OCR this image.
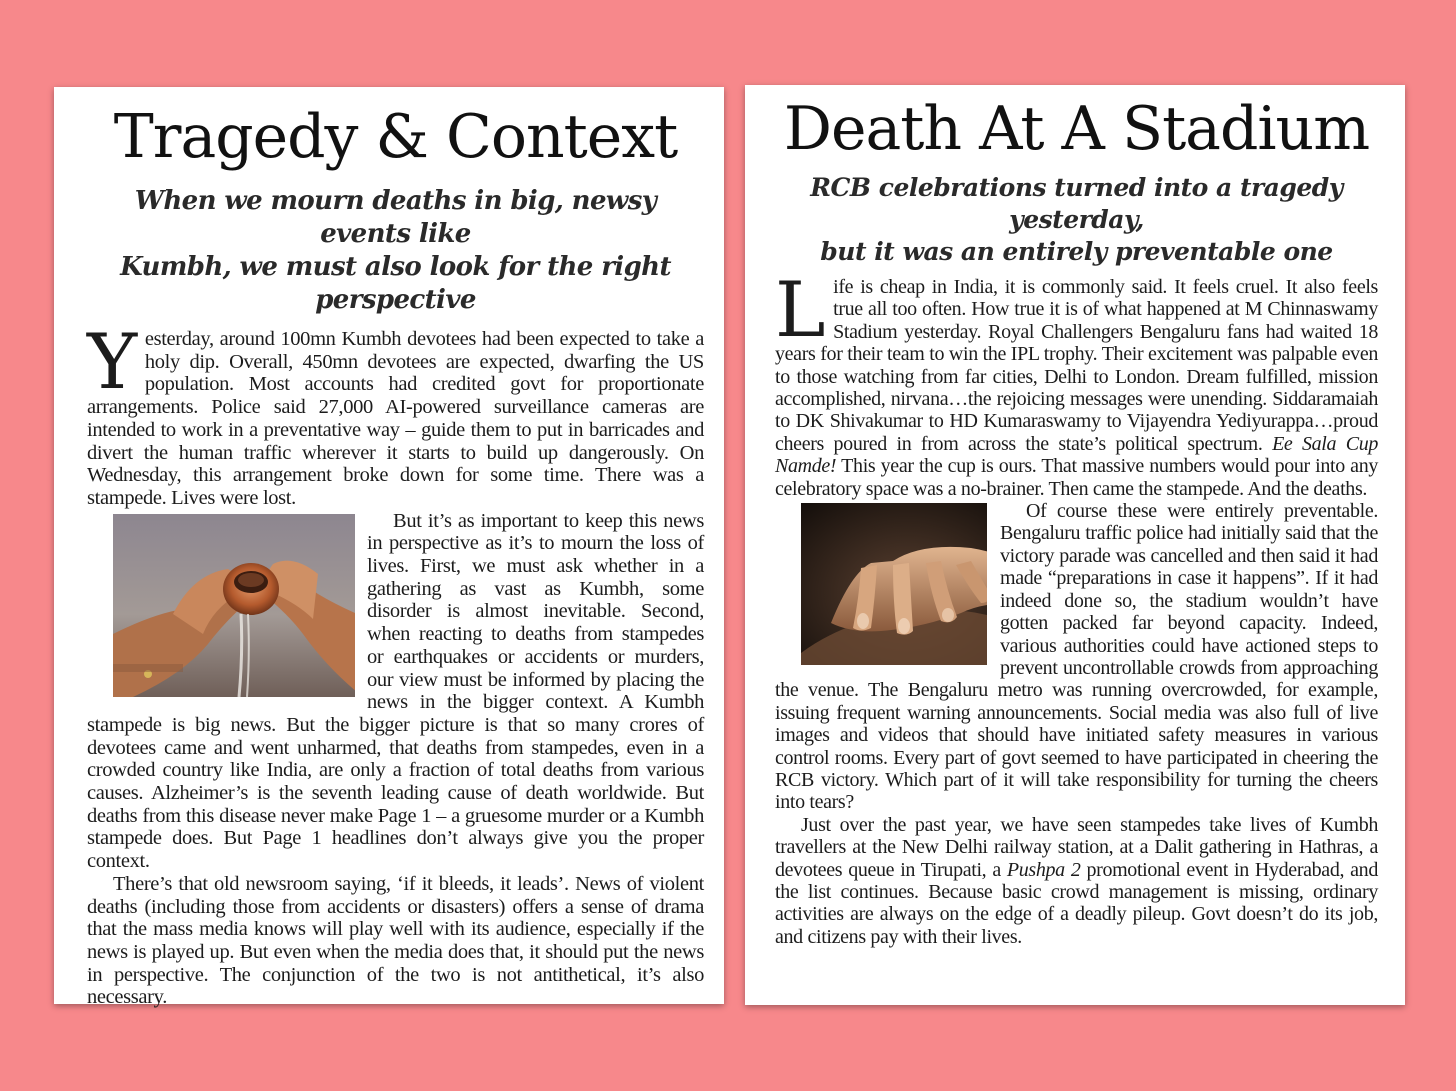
Tragedy & Context
When we mourn deaths in big, newsy events like
Kumbh, we must also look for the right perspective

Yesterday, around 100mn Kumbh devotees had been expected to take a holy dip. Overall, 450mn devotees are expected, dwarfing the US population. Most accounts had credited govt for proportionate arrangements. Police said 27,000 AI-powered surveillance cameras are intended to work in a preventative way – guide them to put in barricades and divert the human traffic wherever it starts to build up dangerously. On Wednesday, this arrangement broke down for some time. There was a stampede. Lives were lost.

But it’s as important to keep this news in perspective as it’s to mourn the loss of lives. First, we must ask whether in a gathering as vast as Kumbh, some disorder is almost inevitable. Second, when reacting to deaths from stampedes or earthquakes or accidents or murders, our view must be informed by placing the news in the bigger context. A Kumbh stampede is big news. But the bigger picture is that so many crores of devotees came and went unharmed, that deaths from stampedes, even in a crowded country like India, are only a fraction of total deaths from various causes. Alzheimer’s is the seventh leading cause of death worldwide. But deaths from this disease never make Page 1 – a gruesome murder or a Kumbh stampede does. But Page 1 headlines don’t always give you the proper context.

There’s that old newsroom saying, ‘if it bleeds, it leads’. News of violent deaths (including those from accidents or disasters) offers a sense of drama that the mass media knows will play well with its audience, especially if the news is played up. But even when the media does that, it should put the news in perspective. The conjunction of the two is not antithetical, it’s also necessary.

Death At A Stadium
RCB celebrations turned into a tragedy yesterday,
but it was an entirely preventable one

Life is cheap in India, it is commonly said. It feels cruel. It also feels true all too often. How true it is of what happened at M Chinnaswamy Stadium yesterday. Royal Challengers Bengaluru fans had waited 18 years for their team to win the IPL trophy. Their excitement was palpable even to those watching from far cities, Delhi to London. Dream fulfilled, mission accomplished, nirvana…the rejoicing messages were unending. Siddaramaiah to DK Shivakumar to HD Kumaraswamy to Vijayendra Yediyurappa…proud cheers poured in from across the state’s political spectrum. Ee Sala Cup Namde! This year the cup is ours. That massive numbers would pour into any celebratory space was a no-brainer. Then came the stampede. And the deaths.

Of course these were entirely preventable. Bengaluru traffic police had initially said that the victory parade was cancelled and then said it had made “preparations in case it happens”. If it had indeed done so, the stadium wouldn’t have gotten packed far beyond capacity. Indeed, various authorities could have actioned steps to prevent uncontrollable crowds from approaching the venue. The Bengaluru metro was running overcrowded, for example, issuing frequent warning announcements. Social media was also full of live images and videos that should have initiated safety measures in various control rooms. Every part of govt seemed to have participated in cheering the RCB victory. Which part of it will take responsibility for turning the cheers into tears?

Just over the past year, we have seen stampedes take lives of Kumbh travellers at the New Delhi railway station, at a Dalit gathering in Hathras, a devotees queue in Tirupati, a Pushpa 2 promotional event in Hyderabad, and the list continues. Because basic crowd management is missing, ordinary activities are always on the edge of a deadly pileup. Govt doesn’t do its job, and citizens pay with their lives.
